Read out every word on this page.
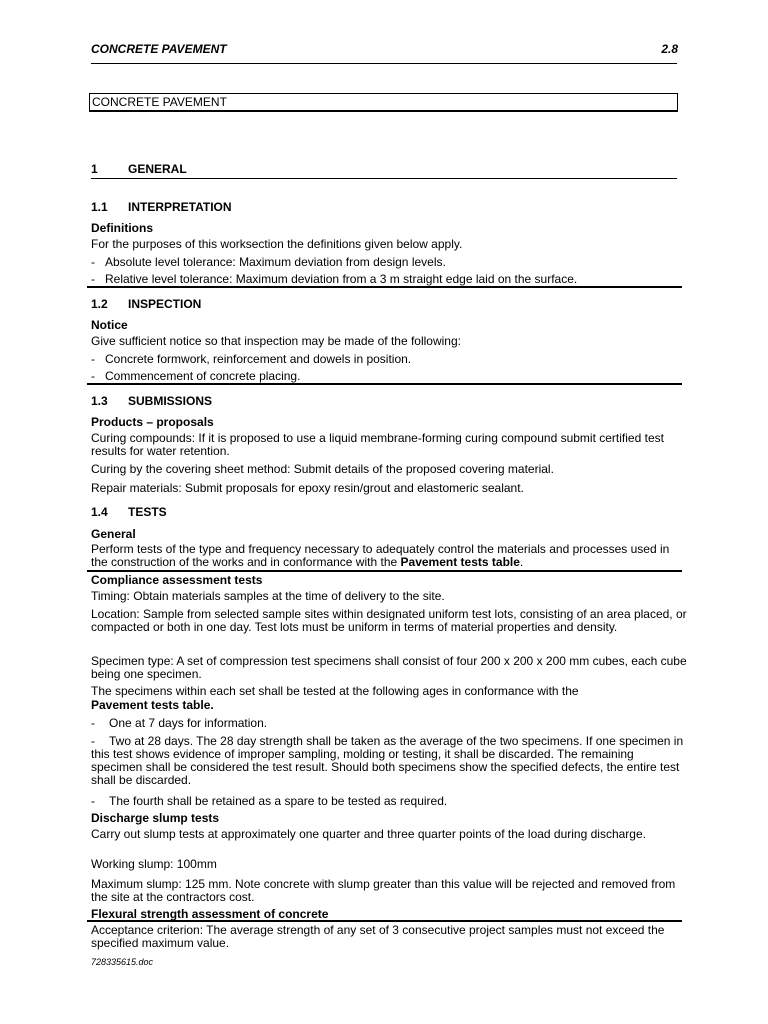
CONCRETE PAVEMENT	2.8
CONCRETE PAVEMENT
1	GENERAL
1.1 INTERPRETATION
Definitions
For the purposes of this worksection the definitions given below apply.
- Absolute level tolerance: Maximum deviation from design levels.
- Relative level tolerance: Maximum deviation from a 3 m straight edge laid on the surface.
1.2 INSPECTION
Notice
Give sufficient notice so that inspection may be made of the following:
- Concrete formwork, reinforcement and dowels in position.
- Commencement of concrete placing.
1.3 SUBMISSIONS
Products – proposals
Curing compounds: If it is proposed to use a liquid membrane-forming curing compound submit certified test results for water retention.
Curing by the covering sheet method: Submit details of the proposed covering material.
Repair materials: Submit proposals for epoxy resin/grout and elastomeric sealant.
1.4 TESTS
General
Perform tests of the type and frequency necessary to adequately control the materials and processes used in the construction of the works and in conformance with the Pavement tests table.
Compliance assessment tests
Timing: Obtain materials samples at the time of delivery to the site.
Location: Sample from selected sample sites within designated uniform test lots, consisting of an area placed, or compacted or both in one day. Test lots must be uniform in terms of material properties and density.
Specimen type: A set of compression test specimens shall consist of four 200 x 200 x 200 mm cubes, each cube being one specimen.
The specimens within each set shall be tested at the following ages in conformance with the
Pavement tests table.
- One at 7 days for information.
- Two at 28 days. The 28 day strength shall be taken as the average of the two specimens. If one specimen in this test shows evidence of improper sampling, molding or testing, it shall be discarded. The remaining specimen shall be considered the test result. Should both specimens show the specified defects, the entire test shall be discarded.
- The fourth shall be retained as a spare to be tested as required.
Discharge slump tests
Carry out slump tests at approximately one quarter and three quarter points of the load during discharge.
Working slump: 100mm
Maximum slump: 125 mm. Note concrete with slump greater than this value will be rejected and removed from the site at the contractors cost.
Flexural strength assessment of concrete
Acceptance criterion: The average strength of any set of 3 consecutive project samples must not exceed the specified maximum value.
728335615.doc
